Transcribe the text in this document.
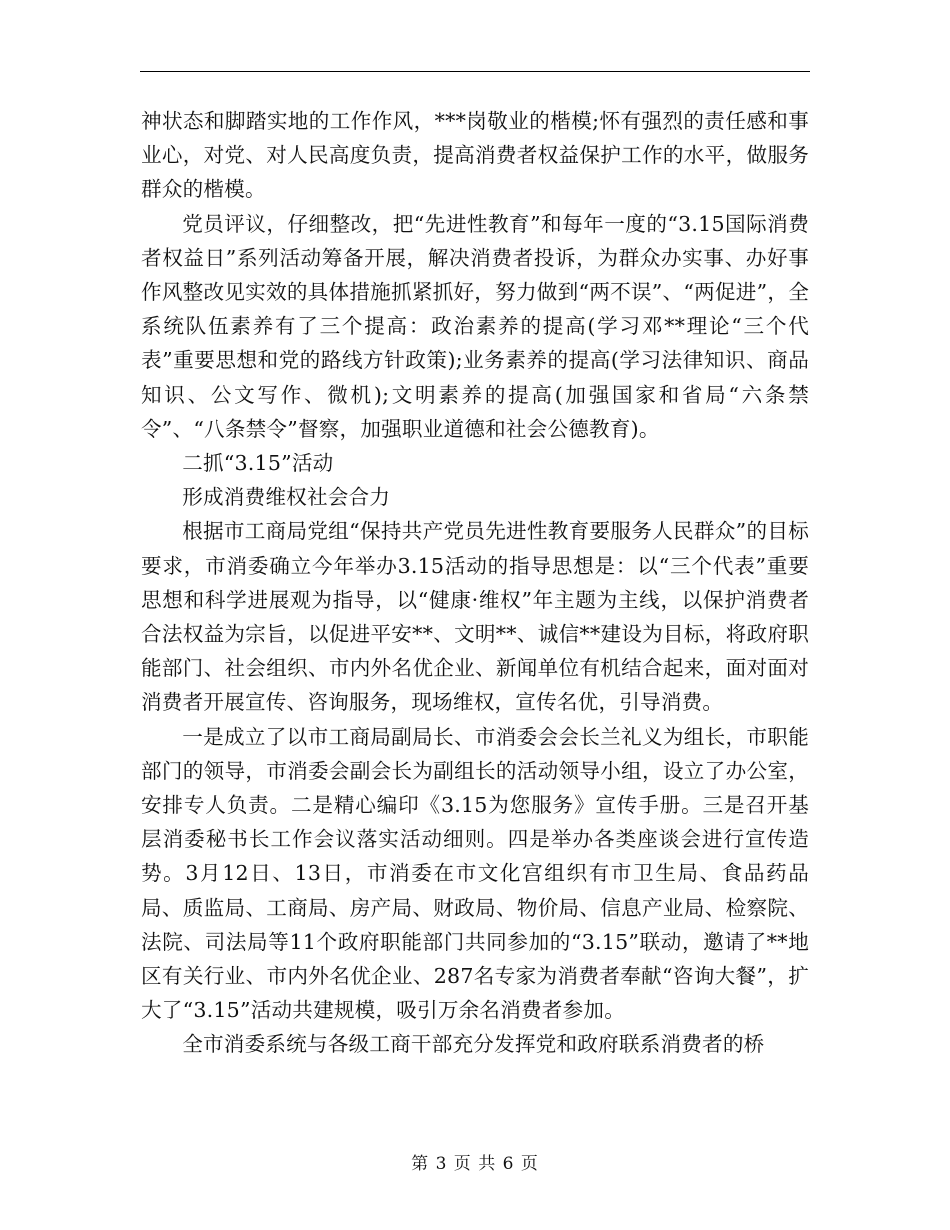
神状态和脚踏实地的工作作风，***岗敬业的楷模;怀有强烈的责任感和事业心，对党、对人民高度负责，提高消费者权益保护工作的水平，做服务群众的楷模。

党员评议，仔细整改，把“先进性教育”和每年一度的“3.15国际消费者权益日”系列活动筹备开展，解决消费者投诉，为群众办实事、办好事作风整改见实效的具体措施抓紧抓好，努力做到“两不误”、“两促进”，全系统队伍素养有了三个提高：政治素养的提高(学习邓**理论“三个代表”重要思想和党的路线方针政策);业务素养的提高(学习法律知识、商品知识、公文写作、微机);文明素养的提高(加强国家和省局“六条禁令”、“八条禁令”督察，加强职业道德和社会公德教育)。

二抓“3.15”活动

形成消费维权社会合力

根据市工商局党组“保持共产党员先进性教育要服务人民群众”的目标要求，市消委确立今年举办3.15活动的指导思想是：以“三个代表”重要思想和科学进展观为指导，以“健康·维权”年主题为主线，以保护消费者合法权益为宗旨，以促进平安**、文明**、诚信**建设为目标，将政府职能部门、社会组织、市内外名优企业、新闻单位有机结合起来，面对面对消费者开展宣传、咨询服务，现场维权，宣传名优，引导消费。

一是成立了以市工商局副局长、市消委会会长兰礼义为组长，市职能部门的领导，市消委会副会长为副组长的活动领导小组，设立了办公室，安排专人负责。二是精心编印《3.15为您服务》宣传手册。三是召开基层消委秘书长工作会议落实活动细则。四是举办各类座谈会进行宣传造势。3月12日、13日，市消委在市文化宫组织有市卫生局、食品药品局、质监局、工商局、房产局、财政局、物价局、信息产业局、检察院、法院、司法局等11个政府职能部门共同参加的“3.15”联动，邀请了**地区有关行业、市内外名优企业、287名专家为消费者奉献“咨询大餐”，扩大了“3.15”活动共建规模，吸引万余名消费者参加。

全市消委系统与各级工商干部充分发挥党和政府联系消费者的桥

第 3 页 共 6 页
